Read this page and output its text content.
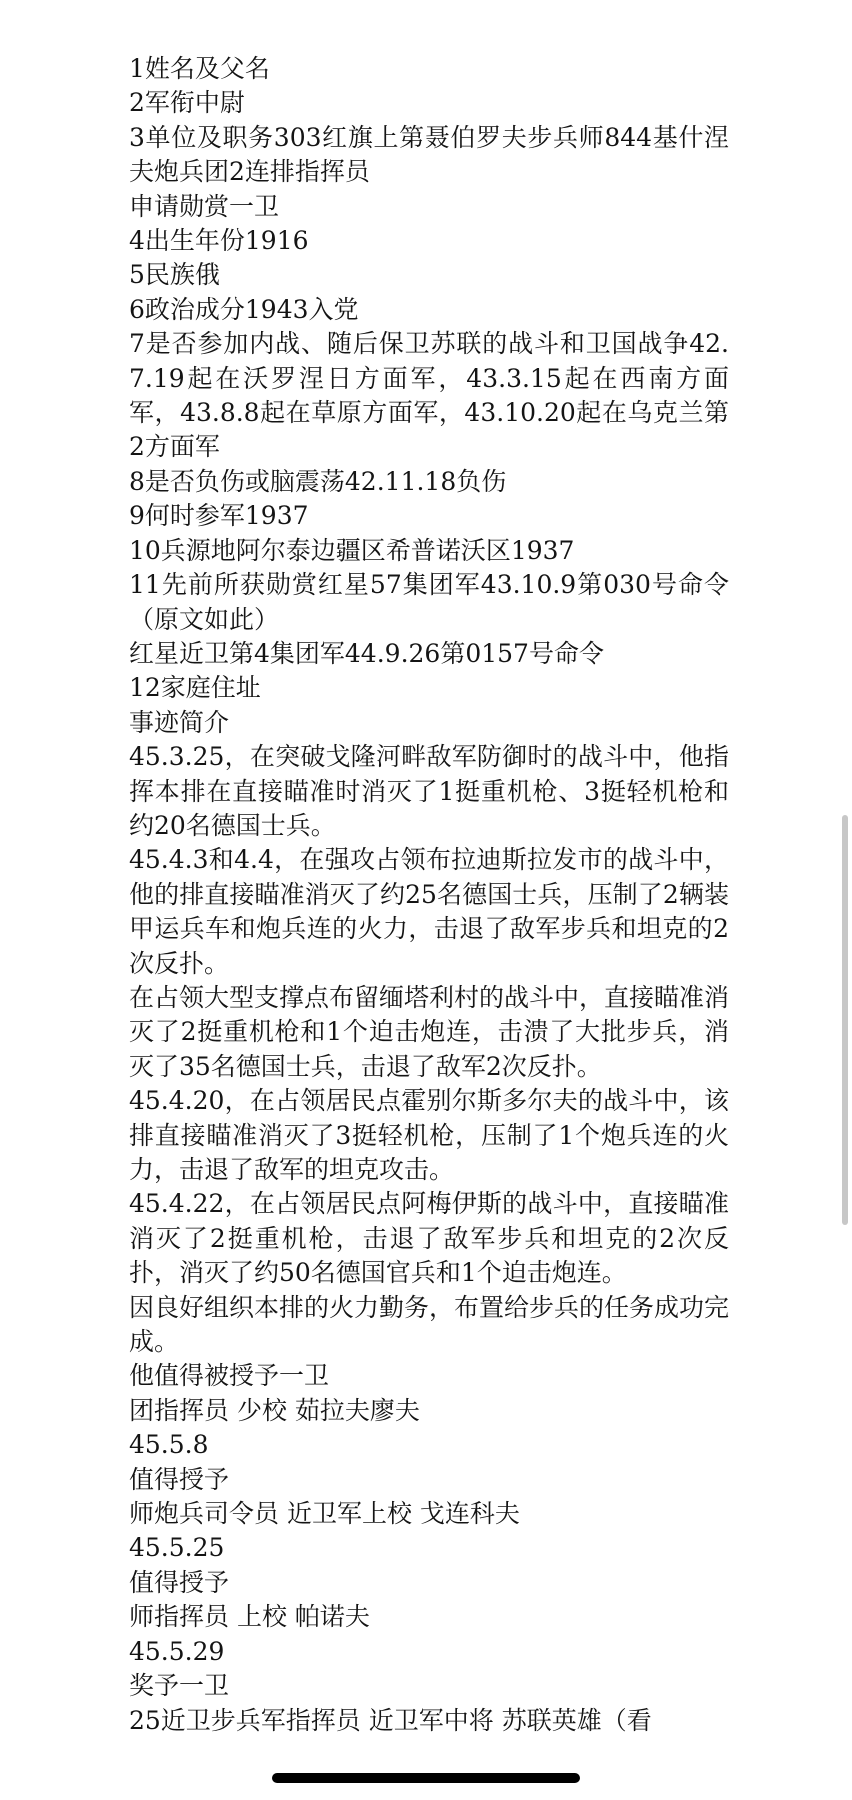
1姓名及父名
2军衔中尉
3单位及职务303红旗上第聂伯罗夫步兵师844基什涅夫炮兵团2连排指挥员
申请勋赏一卫
4出生年份1916
5民族俄
6政治成分1943入党
7是否参加内战、随后保卫苏联的战斗和卫国战争42.7.19起在沃罗涅日方面军，43.3.15起在西南方面军，43.8.8起在草原方面军，43.10.20起在乌克兰第2方面军
8是否负伤或脑震荡42.11.18负伤
9何时参军1937
10兵源地阿尔泰边疆区希普诺沃区1937
11先前所获勋赏红星57集团军43.10.9第030号命令（原文如此）
红星近卫第4集团军44.9.26第0157号命令
12家庭住址
事迹简介
45.3.25，在突破戈隆河畔敌军防御时的战斗中，他指挥本排在直接瞄准时消灭了1挺重机枪、3挺轻机枪和约20名德国士兵。
45.4.3和4.4，在强攻占领布拉迪斯拉发市的战斗中，他的排直接瞄准消灭了约25名德国士兵，压制了2辆装甲运兵车和炮兵连的火力，击退了敌军步兵和坦克的2次反扑。
在占领大型支撑点布留缅塔利村的战斗中，直接瞄准消灭了2挺重机枪和1个迫击炮连，击溃了大批步兵，消灭了35名德国士兵，击退了敌军2次反扑。
45.4.20，在占领居民点霍别尔斯多尔夫的战斗中，该排直接瞄准消灭了3挺轻机枪，压制了1个炮兵连的火力，击退了敌军的坦克攻击。
45.4.22，在占领居民点阿梅伊斯的战斗中，直接瞄准消灭了2挺重机枪，击退了敌军步兵和坦克的2次反扑，消灭了约50名德国官兵和1个迫击炮连。
因良好组织本排的火力勤务，布置给步兵的任务成功完成。
他值得被授予一卫
团指挥员 少校 茹拉夫廖夫
45.5.8
值得授予
师炮兵司令员 近卫军上校 戈连科夫
45.5.25
值得授予
师指挥员 上校 帕诺夫
45.5.29
奖予一卫
25近卫步兵军指挥员 近卫军中将 苏联英雄（看
